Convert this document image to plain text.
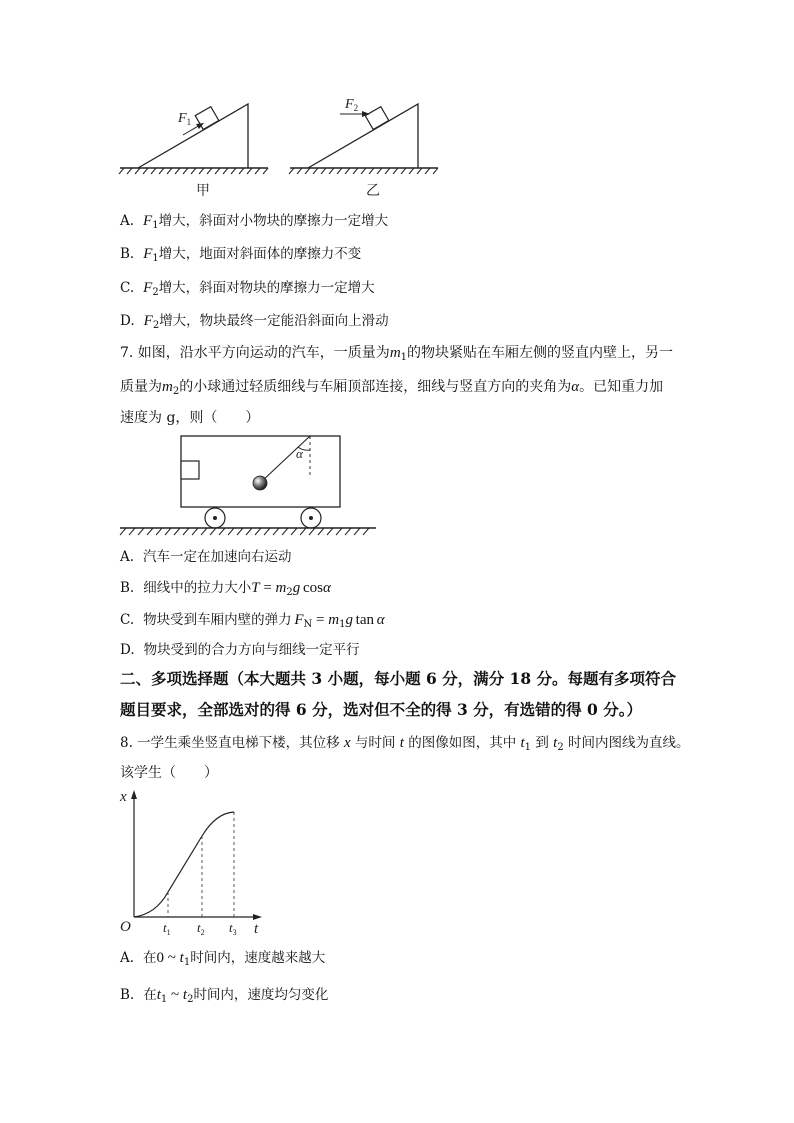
$F_1$
甲
$F_2$
乙
A. $F_1$增大，斜面对小物块的摩擦力一定增大
B. $F_1$增大，地面对斜面体的摩擦力不变
C. $F_2$增大，斜面对物块的摩擦力一定增大
D. $F_2$增大，物块最终一定能沿斜面向上滑动
7. 如图，沿水平方向运动的汽车，一质量为$m_1$的物块紧贴在车厢左侧的竖直内壁上，另一
质量为$m_2$的小球通过轻质细线与车厢顶部连接，细线与竖直方向的夹角为α。已知重力加
速度为 g，则（　　）
α
A. 汽车一定在加速向右运动
B. 细线中的拉力大小$T = m_2g$  cosα
C. 物块受到车厢内壁的弹力  $F_N = m_1g$  tan  α
D. 物块受到的合力方向与细线一定平行
二、多项选择题（本大题共 3 小题，每小题 6 分，满分 18 分。每题有多项符合
题目要求，全部选对的得 6 分，选对但不全的得 3 分，有选错的得 0 分。）
8. 一学生乘坐竖直电梯下楼，其位移 x 与时间 t 的图像如图，其中 $t_1$ 到 $t_2$ 时间内图线为直线。
该学生（　　）
x
t
O $t_1$ $t_2$ $t_3$
A. 在0 ~ $t_1$时间内，速度越来越大
B. 在$t_1$ ~ $t_2$时间内，速度均匀变化
